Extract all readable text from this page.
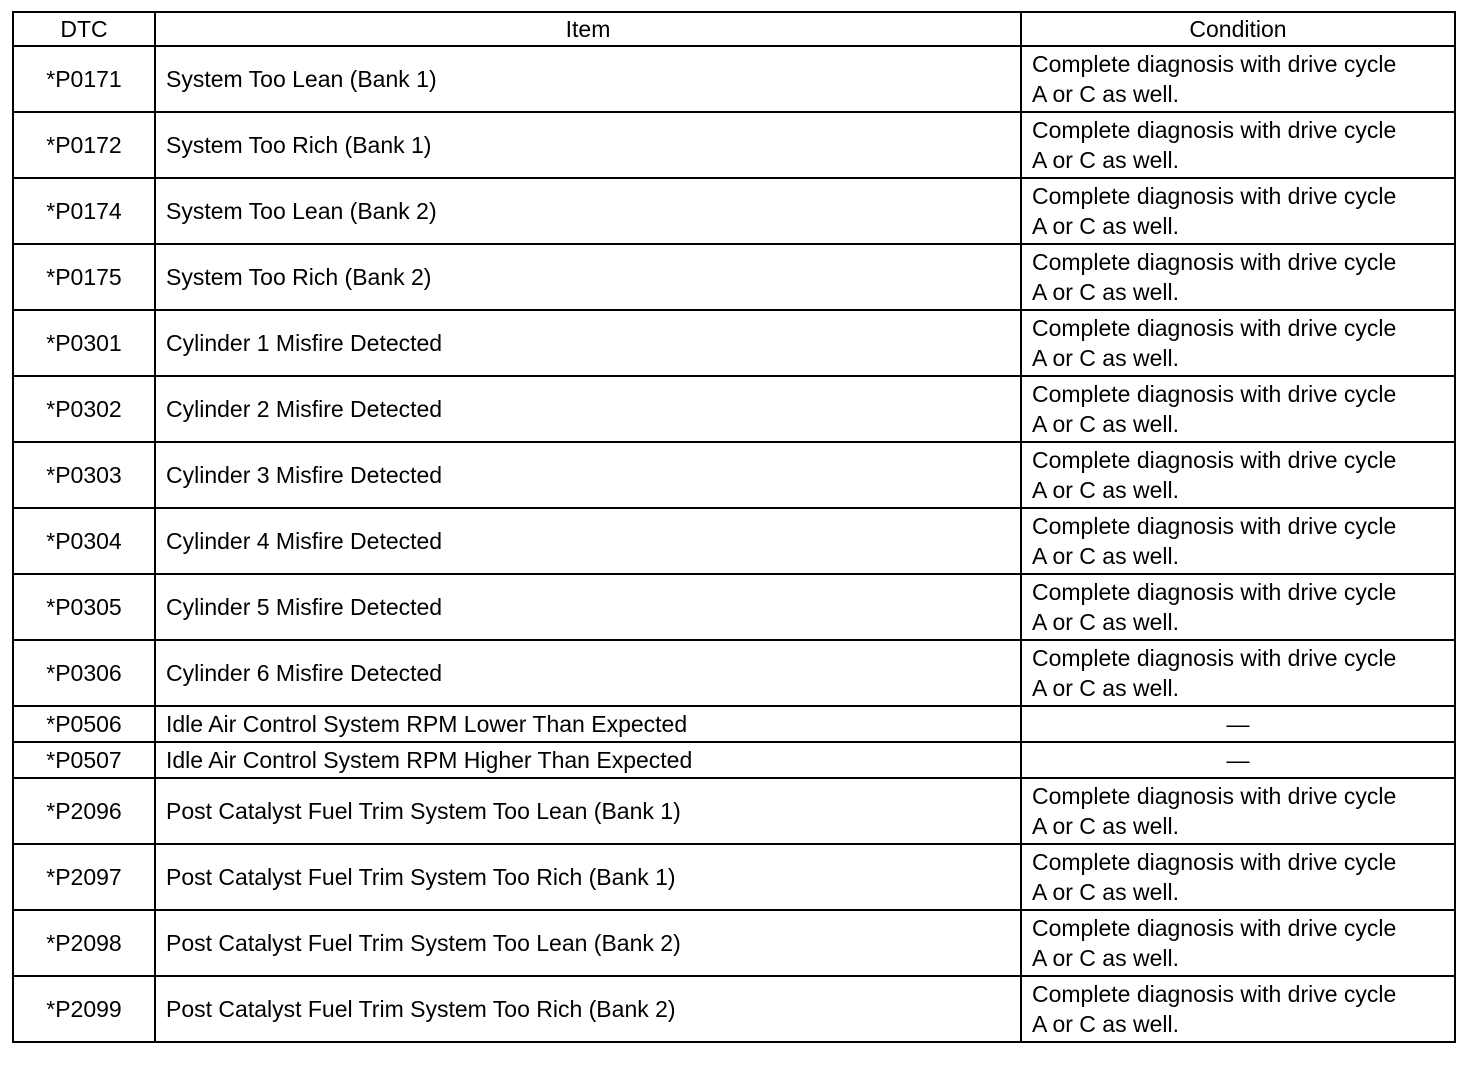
DTC	Item	Condition
*P0171	System Too Lean (Bank 1)	Complete diagnosis with drive cycle
A or C as well.

*P0172	System Too Rich (Bank 1)	Complete diagnosis with drive cycle
A or C as well.

*P0174	System Too Lean (Bank 2)	Complete diagnosis with drive cycle
A or C as well.

*P0175	System Too Rich (Bank 2)	Complete diagnosis with drive cycle
A or C as well.

*P0301	Cylinder 1 Misfire Detected	Complete diagnosis with drive cycle
A or C as well.

*P0302	Cylinder 2 Misfire Detected	Complete diagnosis with drive cycle
A or C as well.

*P0303	Cylinder 3 Misfire Detected	Complete diagnosis with drive cycle
A or C as well.

*P0304	Cylinder 4 Misfire Detected	Complete diagnosis with drive cycle
A or C as well.

*P0305	Cylinder 5 Misfire Detected	Complete diagnosis with drive cycle
A or C as well.

*P0306	Cylinder 6 Misfire Detected	Complete diagnosis with drive cycle
A or C as well.

*P0506	Idle Air Control System RPM Lower Than Expected	—
*P0507	Idle Air Control System RPM Higher Than Expected	—
*P2096	Post Catalyst Fuel Trim System Too Lean (Bank 1)	Complete diagnosis with drive cycle
A or C as well.

*P2097	Post Catalyst Fuel Trim System Too Rich (Bank 1)	Complete diagnosis with drive cycle
A or C as well.

*P2098	Post Catalyst Fuel Trim System Too Lean (Bank 2)	Complete diagnosis with drive cycle
A or C as well.

*P2099	Post Catalyst Fuel Trim System Too Rich (Bank 2)	Complete diagnosis with drive cycle
A or C as well.
